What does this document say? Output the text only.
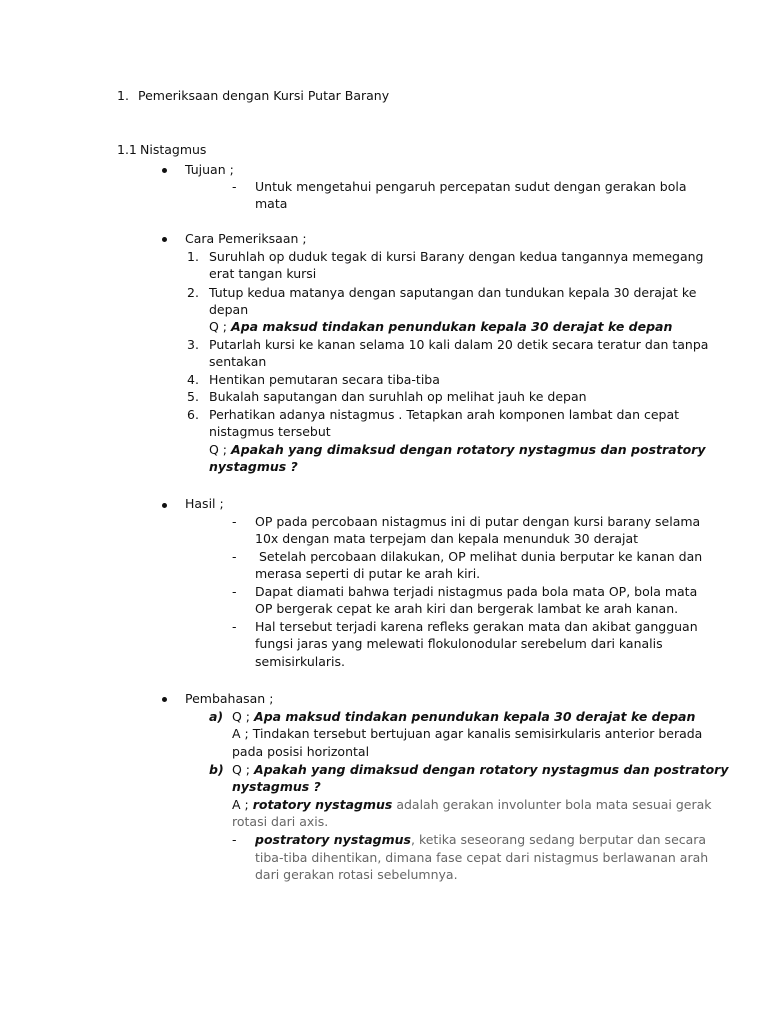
1. Pemeriksaan dengan Kursi Putar Barany
1.1 Nistagmus
Tujuan ;
- Untuk mengetahui pengaruh percepatan sudut dengan gerakan bola
mata
Cara Pemeriksaan ;
1. Suruhlah op duduk tegak di kursi Barany dengan kedua tangannya memegang
erat tangan kursi
2. Tutup kedua matanya dengan saputangan dan tundukan kepala 30 derajat ke
depan
Q ; Apa maksud tindakan penundukan kepala 30 derajat ke depan
3. Putarlah kursi ke kanan selama 10 kali dalam 20 detik secara teratur dan tanpa
sentakan
4. Hentikan pemutaran secara tiba-tiba
5. Bukalah saputangan dan suruhlah op melihat jauh ke depan
6. Perhatikan adanya nistagmus . Tetapkan arah komponen lambat dan cepat
nistagmus tersebut
Q ; Apakah yang dimaksud dengan rotatory nystagmus dan postratory
nystagmus ?
Hasil ;
- OP pada percobaan nistagmus ini di putar dengan kursi barany selama
10x dengan mata terpejam dan kepala menunduk 30 derajat
- Setelah percobaan dilakukan, OP melihat dunia berputar ke kanan dan
merasa seperti di putar ke arah kiri.
- Dapat diamati bahwa terjadi nistagmus pada bola mata OP, bola mata
OP bergerak cepat ke arah kiri dan bergerak lambat ke arah kanan.
- Hal tersebut terjadi karena refleks gerakan mata dan akibat gangguan
fungsi jaras yang melewati flokulonodular serebelum dari kanalis
semisirkularis.
Pembahasan ;
a) Q ; Apa maksud tindakan penundukan kepala 30 derajat ke depan
A ; Tindakan tersebut bertujuan agar kanalis semisirkularis anterior berada
pada posisi horizontal
b) Q ; Apakah yang dimaksud dengan rotatory nystagmus dan postratory
nystagmus ?
A ; rotatory nystagmus adalah gerakan involunter bola mata sesuai gerak
rotasi dari axis.
- postratory nystagmus, ketika seseorang sedang berputar dan secara
tiba-tiba dihentikan, dimana fase cepat dari nistagmus berlawanan arah
dari gerakan rotasi sebelumnya.
